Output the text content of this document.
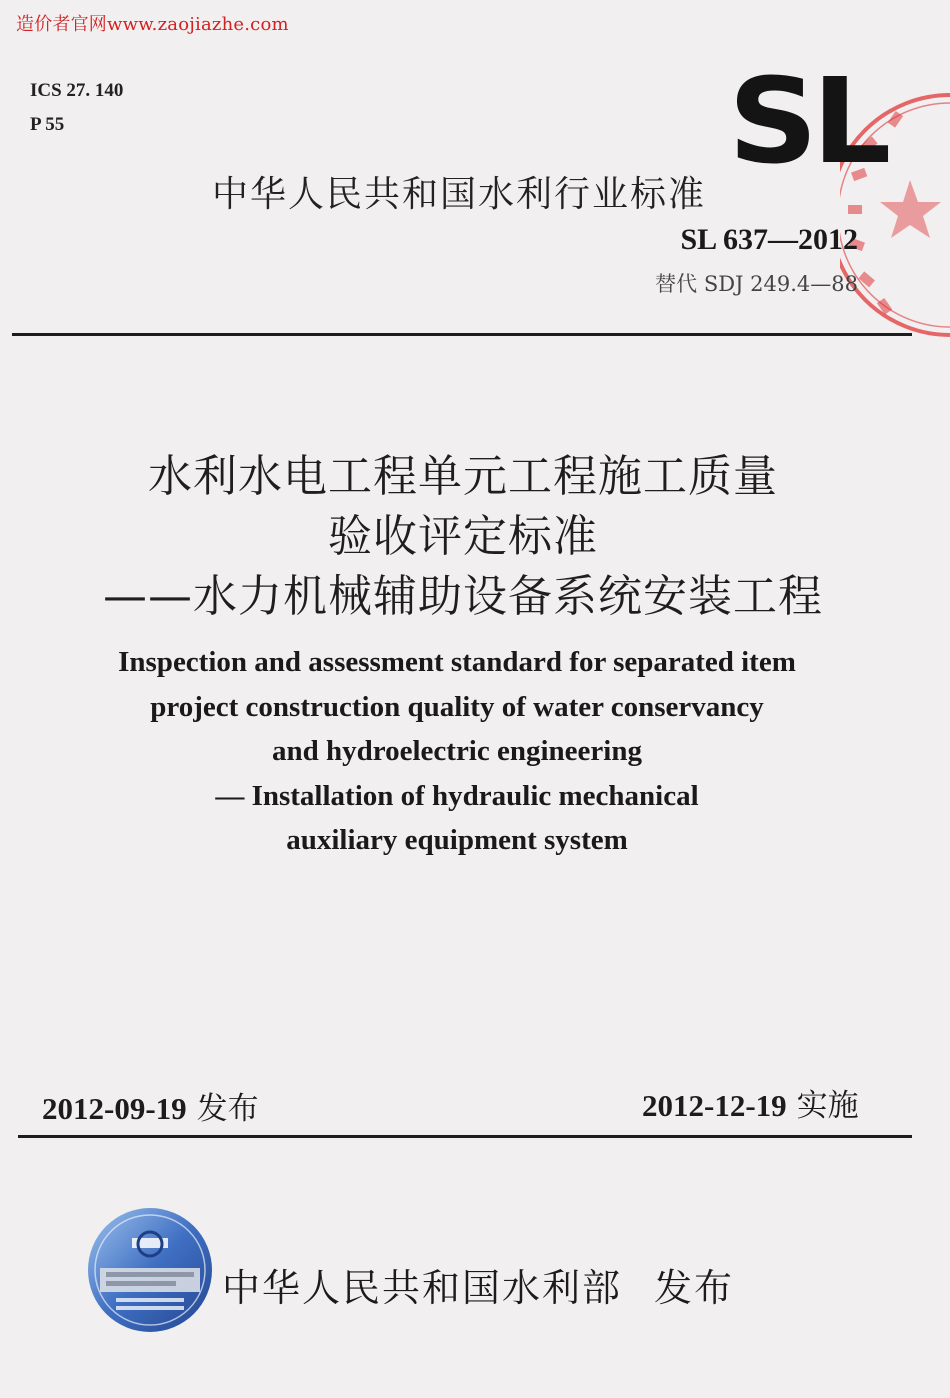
造价者官网www.zaojiazhe.com
ICS 27. 140
P 55	SL
中华人民共和国水利行业标准
SL 637—2012
替代 SDJ 249.4—88
水利水电工程单元工程施工质量
验收评定标准
——水力机械辅助设备系统安装工程
Inspection and assessment standard for separated item
project construction quality of water conservancy
and hydroelectric engineering
— Installation of hydraulic mechanical
auxiliary equipment system
2012-09-19 发布	2012-12-19 实施
中华人民共和国水利部 发布
